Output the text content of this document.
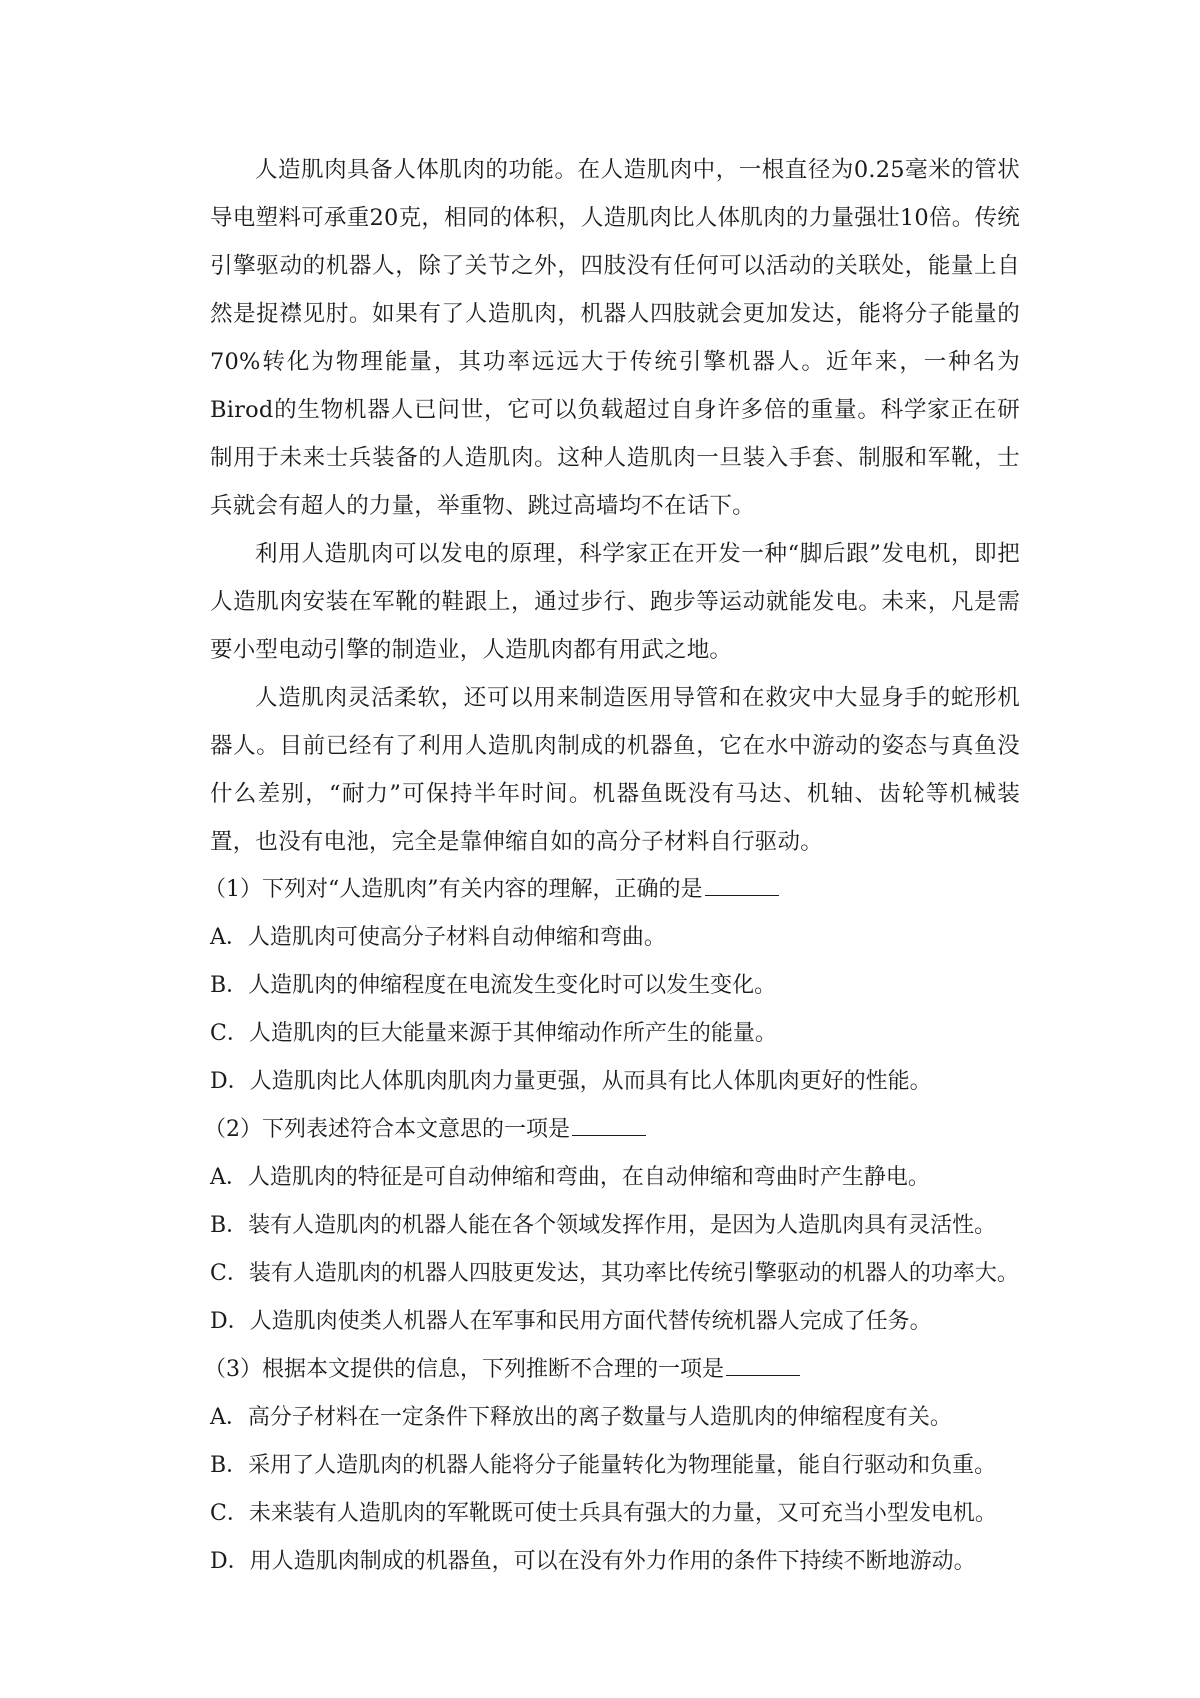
人造肌肉具备人体肌肉的功能。在人造肌肉中，一根直径为0.25毫米的管状导电塑料可承重20克，相同的体积，人造肌肉比人体肌肉的力量强壮10倍。传统引擎驱动的机器人，除了关节之外，四肢没有任何可以活动的关联处，能量上自然是捉襟见肘。如果有了人造肌肉，机器人四肢就会更加发达，能将分子能量的70%转化为物理能量，其功率远远大于传统引擎机器人。近年来，一种名为Birod的生物机器人已问世，它可以负载超过自身许多倍的重量。科学家正在研制用于未来士兵装备的人造肌肉。这种人造肌肉一旦装入手套、制服和军靴，士兵就会有超人的力量，举重物、跳过高墙均不在话下。

利用人造肌肉可以发电的原理，科学家正在开发一种“脚后跟”发电机，即把人造肌肉安装在军靴的鞋跟上，通过步行、跑步等运动就能发电。未来，凡是需要小型电动引擎的制造业，人造肌肉都有用武之地。

人造肌肉灵活柔软，还可以用来制造医用导管和在救灾中大显身手的蛇形机器人。目前已经有了利用人造肌肉制成的机器鱼，它在水中游动的姿态与真鱼没什么差别，“耐力”可保持半年时间。机器鱼既没有马达、机轴、齿轮等机械装置，也没有电池，完全是靠伸缩自如的高分子材料自行驱动。

（1）下列对“人造肌肉”有关内容的理解，正确的是

A．人造肌肉可使高分子材料自动伸缩和弯曲。

B．人造肌肉的伸缩程度在电流发生变化时可以发生变化。

C．人造肌肉的巨大能量来源于其伸缩动作所产生的能量。

D．人造肌肉比人体肌肉肌肉力量更强，从而具有比人体肌肉更好的性能。

（2）下列表述符合本文意思的一项是

A．人造肌肉的特征是可自动伸缩和弯曲，在自动伸缩和弯曲时产生静电。

B．装有人造肌肉的机器人能在各个领域发挥作用，是因为人造肌肉具有灵活性。

C．装有人造肌肉的机器人四肢更发达，其功率比传统引擎驱动的机器人的功率大。

D．人造肌肉使类人机器人在军事和民用方面代替传统机器人完成了任务。

（3）根据本文提供的信息，下列推断不合理的一项是

A．高分子材料在一定条件下释放出的离子数量与人造肌肉的伸缩程度有关。

B．采用了人造肌肉的机器人能将分子能量转化为物理能量，能自行驱动和负重。

C．未来装有人造肌肉的军靴既可使士兵具有强大的力量，又可充当小型发电机。

D．用人造肌肉制成的机器鱼，可以在没有外力作用的条件下持续不断地游动。
